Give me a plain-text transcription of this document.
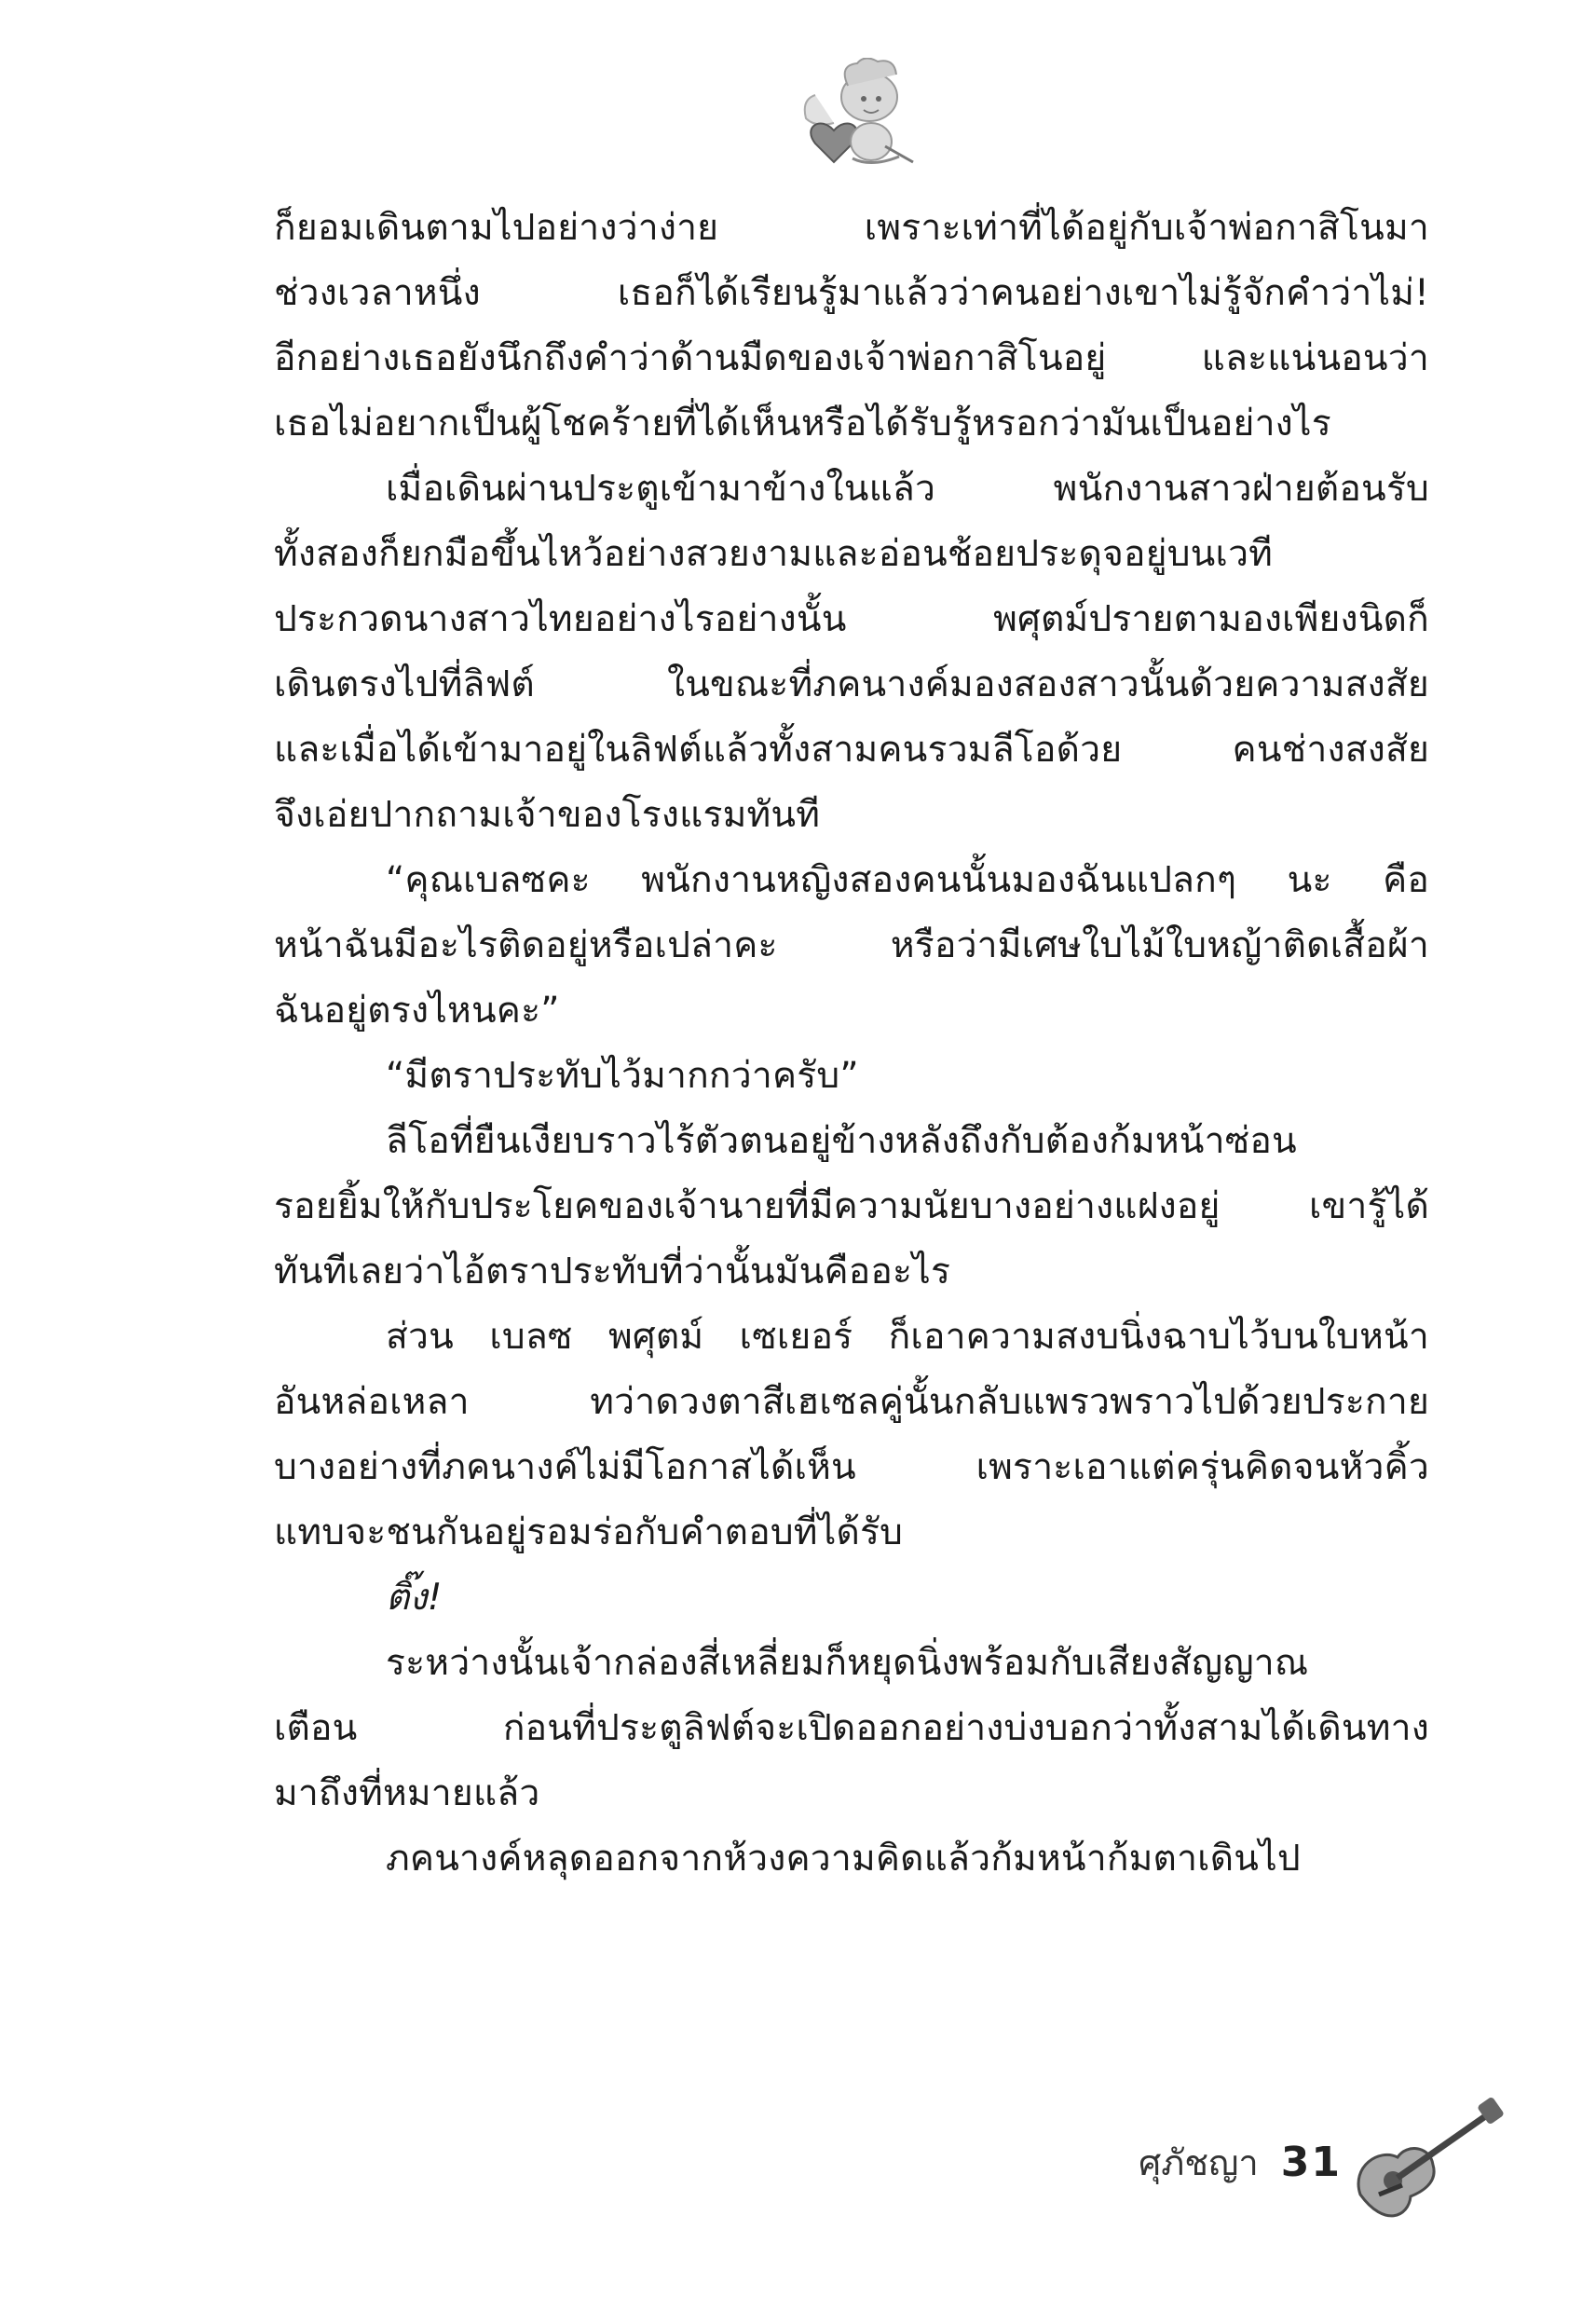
ก็ยอมเดินตามไปอย่างว่าง่าย เพราะเท่าที่ได้อยู่กับเจ้าพ่อกาสิโนมา
ช่วงเวลาหนึ่ง เธอก็ได้เรียนรู้มาแล้วว่าคนอย่างเขาไม่รู้จักคำว่าไม่!
อีกอย่างเธอยังนึกถึงคำว่าด้านมืดของเจ้าพ่อกาสิโนอยู่ และแน่นอนว่า
เธอไม่อยากเป็นผู้โชคร้ายที่ได้เห็นหรือได้รับรู้หรอกว่ามันเป็นอย่างไร
เมื่อเดินผ่านประตูเข้ามาข้างในแล้ว พนักงานสาวฝ่ายต้อนรับ
ทั้งสองก็ยกมือขึ้นไหว้อย่างสวยงามและอ่อนช้อยประดุจอยู่บนเวที
ประกวดนางสาวไทยอย่างไรอย่างนั้น พศุตม์ปรายตามองเพียงนิดก็
เดินตรงไปที่ลิฟต์ ในขณะที่ภคนางค์มองสองสาวนั้นด้วยความสงสัย
และเมื่อได้เข้ามาอยู่ในลิฟต์แล้วทั้งสามคนรวมลีโอด้วย คนช่างสงสัย
จึงเอ่ยปากถามเจ้าของโรงแรมทันที
“คุณเบลซคะ พนักงานหญิงสองคนนั้นมองฉันแปลกๆ นะ คือ
หน้าฉันมีอะไรติดอยู่หรือเปล่าคะ หรือว่ามีเศษใบไม้ใบหญ้าติดเสื้อผ้า
ฉันอยู่ตรงไหนคะ”
“มีตราประทับไว้มากกว่าครับ”
ลีโอที่ยืนเงียบราวไร้ตัวตนอยู่ข้างหลังถึงกับต้องก้มหน้าซ่อน
รอยยิ้มให้กับประโยคของเจ้านายที่มีความนัยบางอย่างแฝงอยู่ เขารู้ได้
ทันทีเลยว่าไอ้ตราประทับที่ว่านั้นมันคืออะไร
ส่วน เบลซ พศุตม์ เซเยอร์ ก็เอาความสงบนิ่งฉาบไว้บนใบหน้า
อันหล่อเหลา ทว่าดวงตาสีเฮเซลคู่นั้นกลับแพรวพราวไปด้วยประกาย
บางอย่างที่ภคนางค์ไม่มีโอกาสได้เห็น เพราะเอาแต่ครุ่นคิดจนหัวคิ้ว
แทบจะชนกันอยู่รอมร่อกับคำตอบที่ได้รับ
ติ๊ง!
ระหว่างนั้นเจ้ากล่องสี่เหลี่ยมก็หยุดนิ่งพร้อมกับเสียงสัญญาณ
เตือน ก่อนที่ประตูลิฟต์จะเปิดออกอย่างบ่งบอกว่าทั้งสามได้เดินทาง
มาถึงที่หมายแล้ว
ภคนางค์หลุดออกจากห้วงความคิดแล้วก้มหน้าก้มตาเดินไป
ศุภัชญา 31
